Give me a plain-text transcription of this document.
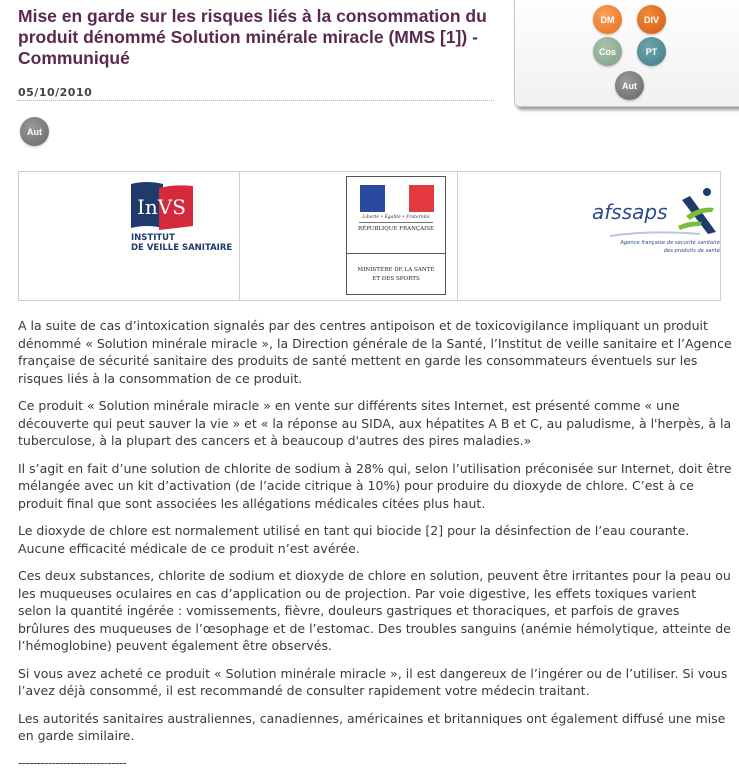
Mise en garde sur les risques liés à la consommation du produit dénommé Solution minérale miracle (MMS [1]) - Communiqué
05/10/2010
DM	DIV
Cos	PT
Aut
Aut
InVS
INSTITUT
DE VEILLE SANITAIRE
Liberté • Égalité • Fraternité
RÉPUBLIQUE FRANÇAISE
MINISTÈRE DE LA SANTÉ
ET DES SPORTS
afssaps
Agence française de sécurité sanitaire
des produits de santé

A la suite de cas d’intoxication signalés par des centres antipoison et de toxicovigilance impliquant un produit dénommé « Solution minérale miracle », la Direction générale de la Santé, l’Institut de veille sanitaire et l’Agence française de sécurité sanitaire des produits de santé mettent en garde les consommateurs éventuels sur les risques liés à la consommation de ce produit.

Ce produit « Solution minérale miracle » en vente sur différents sites Internet, est présenté comme « une découverte qui peut sauver la vie » et « la réponse au SIDA, aux hépatites A B et C, au paludisme, à l'herpès, à la tuberculose, à la plupart des cancers et à beaucoup d'autres des pires maladies.»

Il s’agit en fait d’une solution de chlorite de sodium à 28% qui, selon l’utilisation préconisée sur Internet, doit être mélangée avec un kit d’activation (de l’acide citrique à 10%) pour produire du dioxyde de chlore. C’est à ce produit final que sont associées les allégations médicales citées plus haut.

Le dioxyde de chlore est normalement utilisé en tant qui biocide [2] pour la désinfection de l’eau courante. Aucune efficacité médicale de ce produit n’est avérée.

Ces deux substances, chlorite de sodium et dioxyde de chlore en solution, peuvent être irritantes pour la peau ou les muqueuses oculaires en cas d’application ou de projection. Par voie digestive, les effets toxiques varient selon la quantité ingérée : vomissements, fièvre, douleurs gastriques et thoraciques, et parfois de graves brûlures des muqueuses de l’œsophage et de l’estomac. Des troubles sanguins (anémie hémolytique, atteinte de l’hémoglobine) peuvent également être observés.

Si vous avez acheté ce produit « Solution minérale miracle », il est dangereux de l’ingérer ou de l’utiliser. Si vous l’avez déjà consommé, il est recommandé de consulter rapidement votre médecin traitant.

Les autorités sanitaires australiennes, canadiennes, américaines et britanniques ont également diffusé une mise en garde similaire.

-----------------------------
